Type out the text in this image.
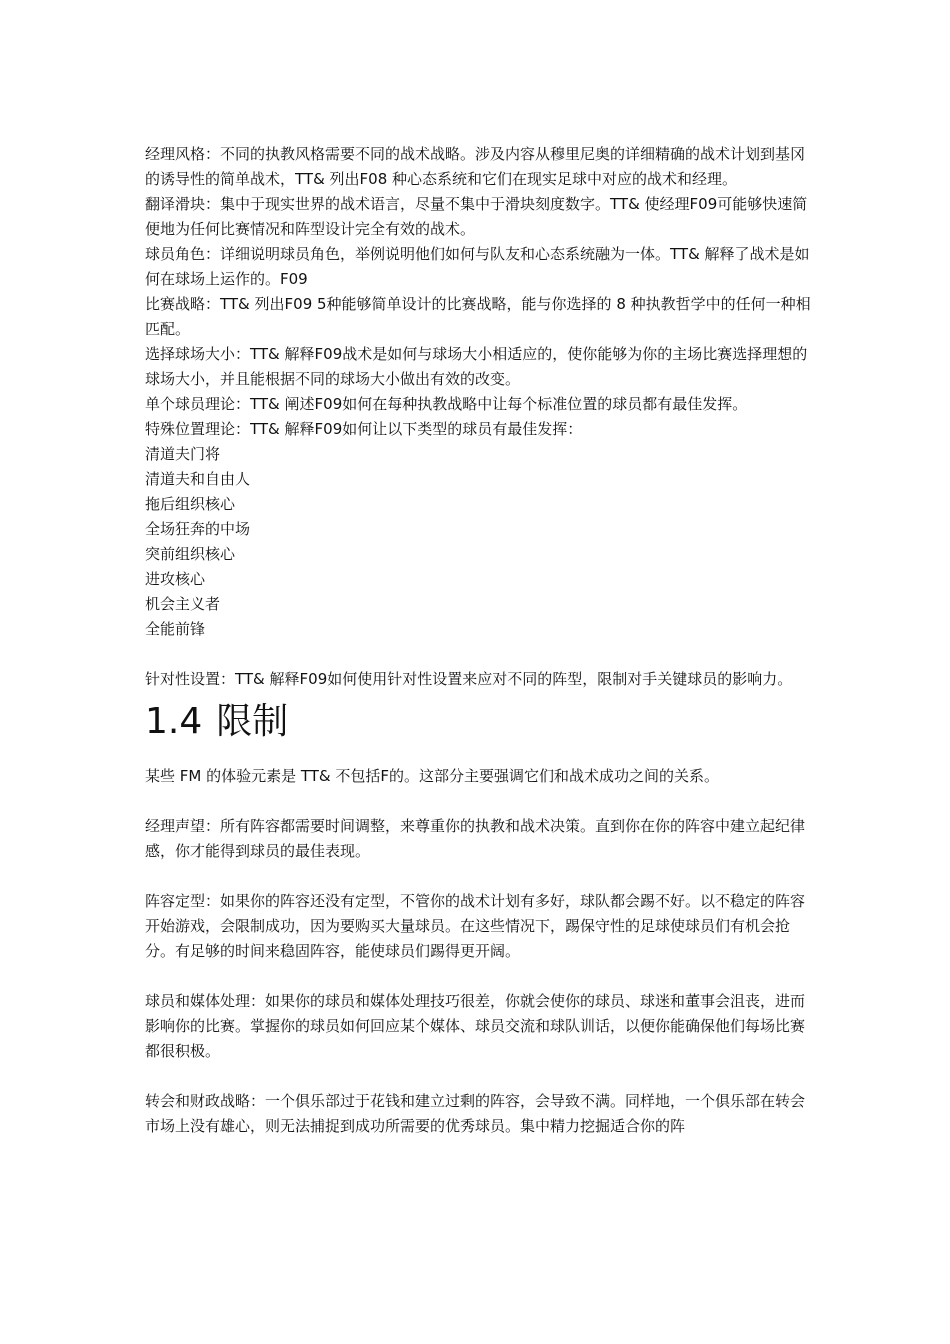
经理风格：不同的执教风格需要不同的战术战略。涉及内容从穆里尼奥的详细精确的战术计划到基冈的诱导性的简单战术，TT& 列出F08 种心态系统和它们在现实足球中对应的战术和经理。

翻译滑块：集中于现实世界的战术语言，尽量不集中于滑块刻度数字。TT& 使经理F09可能够快速简便地为任何比赛情况和阵型设计完全有效的战术。

球员角色：详细说明球员角色，举例说明他们如何与队友和心态系统融为一体。TT& 解释了战术是如何在球场上运作的。F09

比赛战略：TT& 列出F09 5种能够简单设计的比赛战略，能与你选择的 8 种执教哲学中的任何一种相匹配。

选择球场大小：TT& 解释F09战术是如何与球场大小相适应的，使你能够为你的主场比赛选择理想的球场大小，并且能根据不同的球场大小做出有效的改变。

单个球员理论：TT& 阐述F09如何在每种执教战略中让每个标准位置的球员都有最佳发挥。

特殊位置理论：TT& 解释F09如何让以下类型的球员有最佳发挥：

清道夫门将

清道夫和自由人

拖后组织核心

全场狂奔的中场

突前组织核心

进攻核心

机会主义者

全能前锋

针对性设置：TT& 解释F09如何使用针对性设置来应对不同的阵型，限制对手关键球员的影响力。

1.4 限制

某些 FM 的体验元素是 TT& 不包括F的。这部分主要强调它们和战术成功之间的关系。

经理声望：所有阵容都需要时间调整，来尊重你的执教和战术决策。直到你在你的阵容中建立起纪律感，你才能得到球员的最佳表现。

阵容定型：如果你的阵容还没有定型，不管你的战术计划有多好，球队都会踢不好。以不稳定的阵容开始游戏，会限制成功，因为要购买大量球员。在这些情况下，踢保守性的足球使球员们有机会抢分。有足够的时间来稳固阵容，能使球员们踢得更开阔。

球员和媒体处理：如果你的球员和媒体处理技巧很差，你就会使你的球员、球迷和董事会沮丧，进而影响你的比赛。掌握你的球员如何回应某个媒体、球员交流和球队训话，以便你能确保他们每场比赛都很积极。

转会和财政战略：一个俱乐部过于花钱和建立过剩的阵容，会导致不满。同样地，一个俱乐部在转会市场上没有雄心，则无法捕捉到成功所需要的优秀球员。集中精力挖掘适合你的阵
